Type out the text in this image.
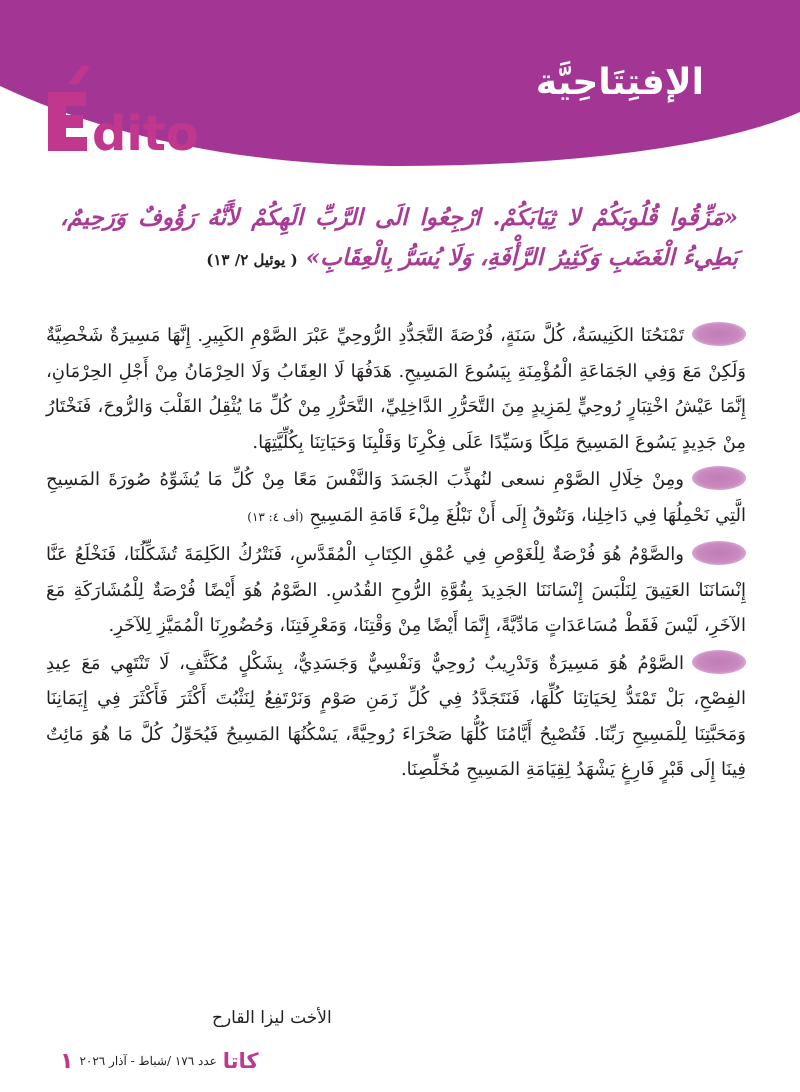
dito
الإفتِتَاحِيَّة
«مَزِّقُوا قُلُوبَكُمْ لا ثِيَابَكُمْ. ارْجِعُوا الَى الرَّبِّ الَهِكُمْ لأَنَّهُ رَؤُوفٌ وَرَحِيمٌ، بَطِيءُ الْغَضَبِ وَكَثِيرُ الرَّأْفَةِ، وَلَا يُسَرُّ بِالْعِقَابِ» ( يوئيل ٢/ ١٣)

تَمْنَحُنَا الكَنِيسَةُ، كُلَّ سَنَةٍ، فُرْصَةَ التَّجَدُّدِ الرُّوحِيِّ عَبْرَ الصَّوْمِ الكَبِيرِ. إِنَّهَا مَسِيرَةٌ شَخْصِيَّةٌ وَلَكِنْ مَعَ وَفِي الجَمَاعَةِ الْمُؤْمِنَةِ بِيَسُوعَ المَسِيحِ. هَدَفُهَا لَا العِقَابُ وَلَا الحِرْمَانُ مِنْ أَجْلِ الحِرْمَانِ، إِنَّمَا عَيْشُ اخْتِبَارٍ رُوحِيٍّ لِمَزِيدٍ مِنَ التَّحَرُّرِ الدَّاخِلِيِّ، التَّحَرُّرِ مِنْ كُلِّ مَا يُثْقِلُ القَلْبَ وَالرُّوحَ، فَنَخْتَارُ مِنْ جَدِيدٍ يَسُوعَ المَسِيحَ مَلِكًا وَسَيِّدًا عَلَى فِكْرِنَا وَقَلْبِنَا وَحَيَاتِنَا بِكُلِّيَّتِهَا.

ومِنْ خِلَالِ الصَّوْمِ نسعى لنُهذِّبَ الجَسَدَ وَالنَّفْسَ مَعًا مِنْ كُلِّ مَا يُشَوِّهُ صُورَةَ المَسِيحِ الَّتِي نَحْمِلُهَا فِي دَاخِلِنا، وَنَتُوقُ إِلَى أَنْ نَبْلُغَ مِلْءَ قَامَةِ المَسِيحِ(أف ٤: ١٣)

والصَّوْمُ هُوَ فُرْصَةٌ لِلْغَوْصِ فِي عُمْقِ الكِتَابِ الْمُقَدَّسِ، فَنَتْرُكُ الكَلِمَةَ تُشَكِّلُنَا، فَنَخْلَعُ عَنَّا إِنْسَانَنَا العَتِيقَ لِنَلْبَسَ إِنْسَانَنَا الجَدِيدَ بِقُوَّةِ الرُّوحِ القُدُسِ. الصَّوْمُ هُوَ أَيْضًا فُرْصَةٌ لِلْمُشَارَكَةِ مَعَ الآخَرِ، لَيْسَ فَقَطْ مُسَاعَدَاتٍ مَادِّيَّةً، إِنَّمَا أَيْضًا مِنْ وَقْتِنَا، وَمَعْرِفَتِنَا، وَحُضُورِنَا الْمُمَيَّزِ لِلآخَرِ.

الصَّوْمُ هُوَ مَسِيرَةٌ وَتَدْرِيبٌ رُوحِيٌّ وَنَفْسِيٌّ وَجَسَدِيٌّ، بِشَكْلٍ مُكَثَّفٍ، لَا تَنْتَهِي مَعَ عِيدِ الفِصْحِ، بَلْ تَمْتَدُّ لِحَيَاتِنَا كُلِّهَا، فَنَتَجَدَّدُ فِي كُلِّ زَمَنِ صَوْمٍ وَنَرْتَفِعُ لِنَثْبُتَ أَكْثَرَ فَأَكْثَرَ فِي إِيَمَانِنَا وَمَحَبَّتِنَا لِلْمَسِيحِ رَبِّنَا. فَتُصْبِحُ أَيَّامُنَا كُلُّهَا صَحْرَاءَ رُوحِيَّةً، يَسْكُنُهَا المَسِيحُ فَيُحَوِّلُ كُلَّ مَا هُوَ مَائِتٌ فِينَا إِلَى قَبْرٍ فَارِغٍ يَشْهَدُ لِقِيَامَةِ المَسِيحِ مُخَلِّصِنَا.

الأخت ليزا القارح
كاتا
عدد ١٧٦ /شباط - آذار ٢٠٢٦
١
